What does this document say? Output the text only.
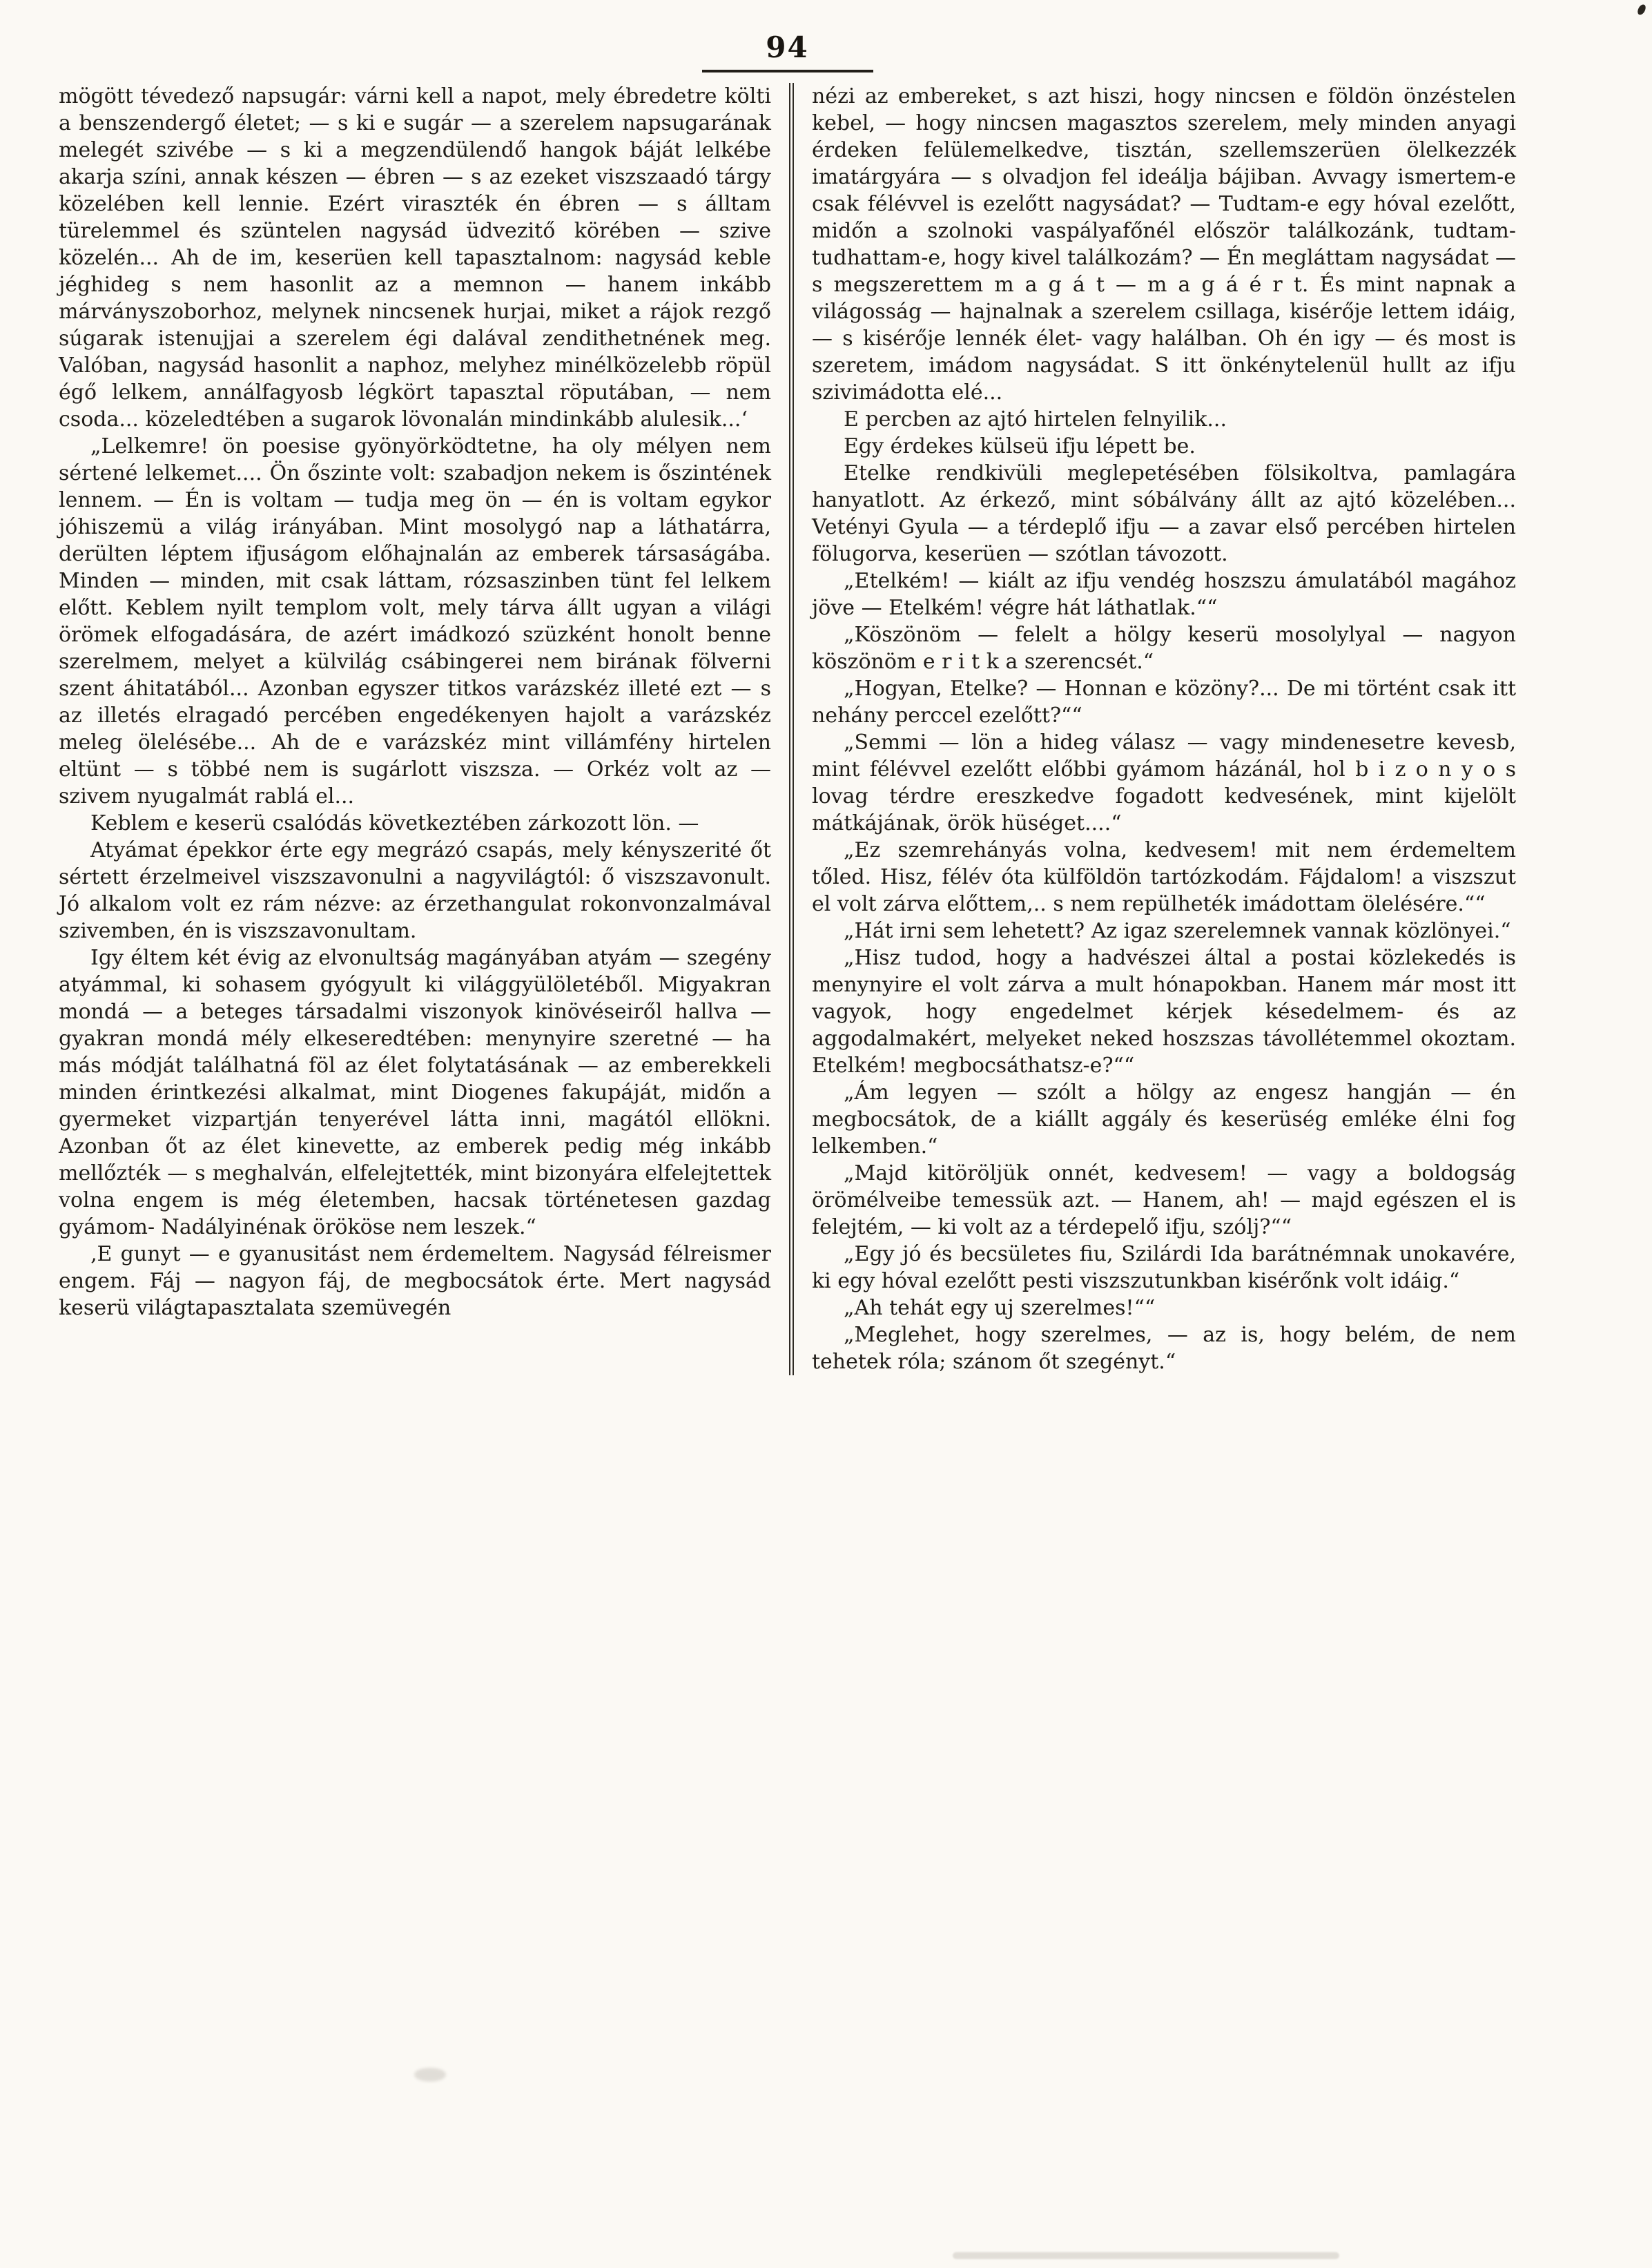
94

mögött tévedező napsugár: várni kell a napot, mely ébredetre költi a benszendergő életet; — s ki e sugár — a szerelem napsugarának melegét szivébe — s ki a megzendülendő hangok báját lelkébe akarja színi, annak készen — ébren — s az ezeket viszszaadó tárgy közelében kell lennie. Ezért viraszték én ébren — s álltam türelemmel és szüntelen nagysád üdvezitő körében — szive közelén... Ah de im, keserüen kell tapasztalnom: nagysád keble jéghideg s nem hasonlit az a memnon — hanem inkább márványszoborhoz, melynek nincsenek hurjai, miket a rájok rezgő súgarak istenujjai a szerelem égi dalával zendithetnének meg. Valóban, nagysád hasonlit a naphoz, melyhez minélközelebb röpül égő lelkem, annálfagyosb légkört tapasztal röputában, — nem csoda... közeledtében a sugarok lövonalán mindinkább alulesik...‘

„Lelkemre! ön poesise gyönyörködtetne, ha oly mélyen nem sértené lelkemet.... Ön őszinte volt: szabadjon nekem is őszintének lennem. — Én is voltam — tudja meg ön — én is voltam egykor jóhiszemü a világ irányában. Mint mosolygó nap a láthatárra, derülten léptem ifjuságom előhajnalán az emberek társaságába. Minden — minden, mit csak láttam, rózsaszinben tünt fel lelkem előtt. Keblem nyilt templom volt, mely tárva állt ugyan a világi örömek elfogadására, de azért imádkozó szüzként honolt benne szerelmem, melyet a külvilág csábingerei nem birának fölverni szent áhitatából... Azonban egyszer titkos varázskéz illeté ezt — s az illetés elragadó percében engedékenyen hajolt a varázskéz meleg ölelésébe... Ah de e varázskéz mint villámfény hirtelen eltünt — s többé nem is sugárlott viszsza. — Orkéz volt az — szivem nyugalmát rablá el...

Keblem e keserü csalódás következtében zárkozott lön. —

Atyámat épekkor érte egy megrázó csapás, mely kényszerité őt sértett érzelmeivel viszszavonulni a nagyvilágtól: ő viszszavonult. Jó alkalom volt ez rám nézve: az érzethangulat rokonvonzalmával szivemben, én is viszszavonultam.

Igy éltem két évig az elvonultság magányában atyám — szegény atyámmal, ki sohasem gyógyult ki világgyülöletéből. Migyakran mondá — a beteges társadalmi viszonyok kinövéseiről hallva — gyakran mondá mély elkeseredtében: menynyire szeretné — ha más módját találhatná föl az élet folytatásának — az emberekkeli minden érintkezési alkalmat, mint Diogenes fakupáját, midőn a gyermeket vizpartján tenyerével látta inni, magától ellökni. Azonban őt az élet kinevette, az emberek pedig még inkább mellőzték — s meghalván, elfelejtették, mint bizonyára elfelejtettek volna engem is még életemben, hacsak történetesen gazdag gyámom- Nadályinénak örököse nem leszek.“

‚E gunyt — e gyanusitást nem érdemeltem. Nagysád félreismer engem. Fáj — nagyon fáj, de megbocsátok érte. Mert nagysád keserü világtapasztalata szemüvegén

nézi az embereket, s azt hiszi, hogy nincsen e földön önzéstelen kebel, — hogy nincsen magasztos szerelem, mely minden anyagi érdeken felülemelkedve, tisztán, szellemszerüen ölelkezzék imatárgyára — s olvadjon fel ideálja bájiban. Avvagy ismertem-e csak félévvel is ezelőtt nagysádat? — Tudtam-e egy hóval ezelőtt, midőn a szolnoki vaspályafőnél először találkozánk, tudtam- tudhattam-e, hogy kivel találkozám? — Én megláttam nagysádat — s megszerettem m a g á t — m a g á é r t. És mint napnak a világosság — hajnalnak a szerelem csillaga, kisérője lettem idáig, — s kisérője lennék élet- vagy halálban. Oh én igy — és most is szeretem, imádom nagysádat. S itt önkénytelenül hullt az ifju szivimádotta elé...

E percben az ajtó hirtelen felnyilik...

Egy érdekes külseü ifju lépett be.

Etelke rendkivüli meglepetésében fölsikoltva, pamlagára hanyatlott. Az érkező, mint sóbálvány állt az ajtó közelében... Vetényi Gyula — a térdeplő ifju — a zavar első percében hirtelen fölugorva, keserüen — szótlan távozott.

„Etelkém! — kiált az ifju vendég hoszszu ámulatából magához jöve — Etelkém! végre hát láthatlak.““

„Köszönöm — felelt a hölgy keserü mosolylyal — nagyon köszönöm e r i t k a szerencsét.“

„Hogyan, Etelke? — Honnan e közöny?... De mi történt csak itt nehány perccel ezelőtt?““

„Semmi — lön a hideg válasz — vagy mindenesetre kevesb, mint félévvel ezelőtt előbbi gyámom házánál, hol b i z o n y o s lovag térdre ereszkedve fogadott kedvesének, mint kijelölt mátkájának, örök hüséget....“

„Ez szemrehányás volna, kedvesem! mit nem érdemeltem tőled. Hisz, félév óta külföldön tartózkodám. Fájdalom! a viszszut el volt zárva előttem,.. s nem repülheték imádottam ölelésére.““

„Hát irni sem lehetett? Az igaz szerelemnek vannak közlönyei.“

„Hisz tudod, hogy a hadvészei által a postai közlekedés is menynyire el volt zárva a mult hónapokban. Hanem már most itt vagyok, hogy engedelmet kérjek késedelmem- és az aggodalmakért, melyeket neked hoszszas távollétemmel okoztam. Etelkém! megbocsáthatsz-e?““

„Ám legyen — szólt a hölgy az engesz hangján — én megbocsátok, de a kiállt aggály és keserüség emléke élni fog lelkemben.“

„Majd kitöröljük onnét, kedvesem! — vagy a boldogság örömélveibe temessük azt. — Hanem, ah! — majd egészen el is felejtém, — ki volt az a térdepelő ifju, szólj?““

„Egy jó és becsületes fiu, Szilárdi Ida barátnémnak unokavére, ki egy hóval ezelőtt pesti viszszutunkban kisérőnk volt idáig.“

„Ah tehát egy uj szerelmes!““

„Meglehet, hogy szerelmes, — az is, hogy belém, de nem tehetek róla; szánom őt szegényt.“
